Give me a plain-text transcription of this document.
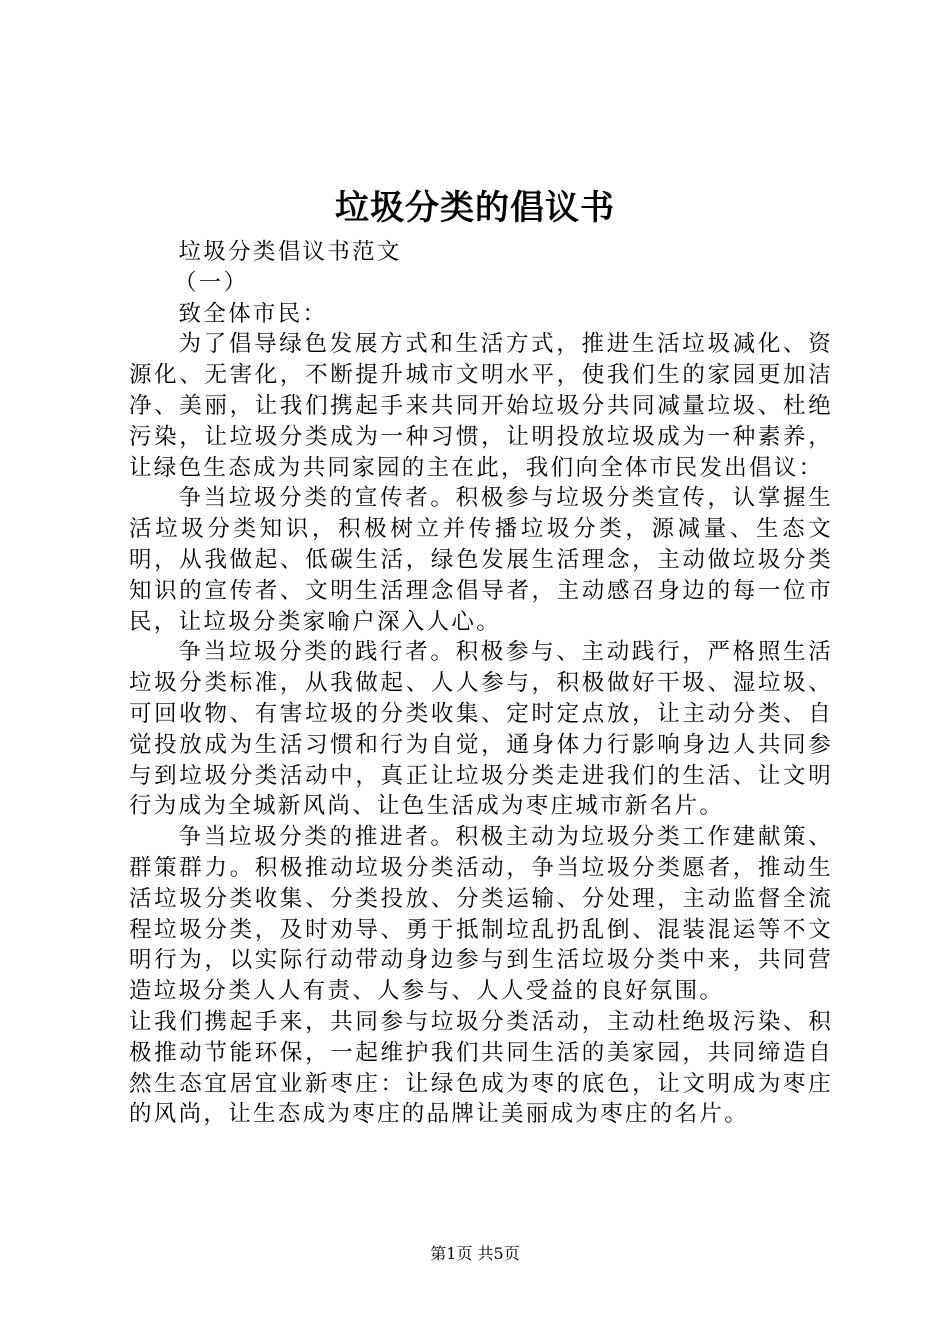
垃圾分类的倡议书

垃圾分类倡议书范文

（一）

致全体市民：

为了倡导绿色发展方式和生活方式，推进生活垃圾减化、资源化、无害化，不断提升城市文明水平，使我们生的家园更加洁净、美丽，让我们携起手来共同开始垃圾分共同减量垃圾、杜绝污染，让垃圾分类成为一种习惯，让明投放垃圾成为一种素养，让绿色生态成为共同家园的主在此，我们向全体市民发出倡议：

争当垃圾分类的宣传者。积极参与垃圾分类宣传，认掌握生活垃圾分类知识，积极树立并传播垃圾分类，源减量、生态文明，从我做起、低碳生活，绿色发展生活理念，主动做垃圾分类知识的宣传者、文明生活理念倡导者，主动感召身边的每一位市民，让垃圾分类家喻户深入人心。

争当垃圾分类的践行者。积极参与、主动践行，严格照生活垃圾分类标准，从我做起、人人参与，积极做好干圾、湿垃圾、可回收物、有害垃圾的分类收集、定时定点放，让主动分类、自觉投放成为生活习惯和行为自觉，通身体力行影响身边人共同参与到垃圾分类活动中，真正让垃圾分类走进我们的生活、让文明行为成为全城新风尚、让色生活成为枣庄城市新名片。

争当垃圾分类的推进者。积极主动为垃圾分类工作建献策、群策群力。积极推动垃圾分类活动，争当垃圾分类愿者，推动生活垃圾分类收集、分类投放、分类运输、分处理，主动监督全流程垃圾分类，及时劝导、勇于抵制垃乱扔乱倒、混装混运等不文明行为，以实际行动带动身边参与到生活垃圾分类中来，共同营造垃圾分类人人有责、人参与、人人受益的良好氛围。

让我们携起手来，共同参与垃圾分类活动，主动杜绝圾污染、积极推动节能环保，一起维护我们共同生活的美家园，共同缔造自然生态宜居宜业新枣庄：让绿色成为枣的底色，让文明成为枣庄的风尚，让生态成为枣庄的品牌让美丽成为枣庄的名片。

第1页 共5页
